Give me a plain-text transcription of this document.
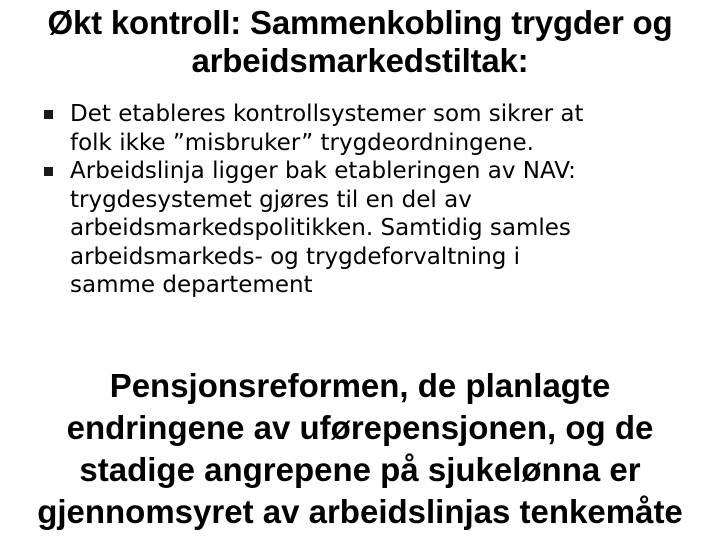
Økt kontroll: Sammenkobling trygder og
arbeidsmarkedstiltak:
Det etableres kontrollsystemer som sikrer at
folk ikke ”misbruker” trygdeordningene.
Arbeidslinja ligger bak etableringen av NAV:
trygdesystemet gjøres til en del av
arbeidsmarkedspolitikken. Samtidig samles
arbeidsmarkeds- og trygdeforvaltning i
samme departement
Pensjonsreformen, de planlagte
endringene av uførepensjonen, og de
stadige angrepene på sjukelønna er
gjennomsyret av arbeidslinjas tenkemåte
